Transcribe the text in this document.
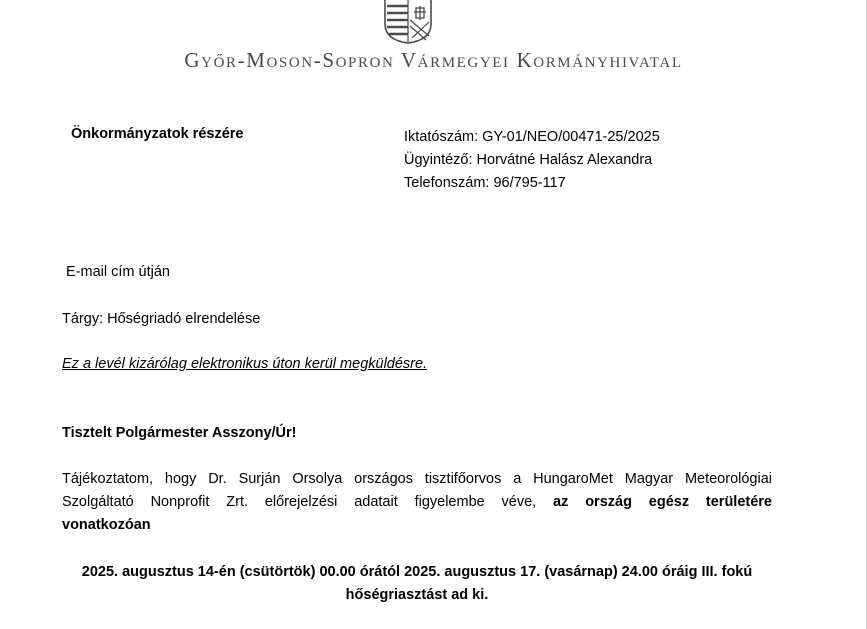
Győr-Moson-Sopron Vármegyei Kormányhivatal
Önkormányzatok részére	Iktatószám: GY-01/NEO/00471-25/2025
Ügyintéző: Horvátné Halász Alexandra
Telefonszám: 96/795-117
E-mail cím útján
Tárgy: Hőségriadó elrendelése
Ez a levél kizárólag elektronikus úton kerül megküldésre.
Tisztelt Polgármester Asszony/Úr!
Tájékoztatom, hogy Dr. Surján Orsolya országos tisztifőorvos a HungaroMet Magyar Meteorológiai
Szolgáltató Nonprofit Zrt. előrejelzési adatait figyelembe véve, az ország egész területére
vonatkozóan
2025. augusztus 14-én (csütörtök) 00.00 órától 2025. augusztus 17. (vasárnap) 24.00 óráig III. fokú
hőségriasztást ad ki.
